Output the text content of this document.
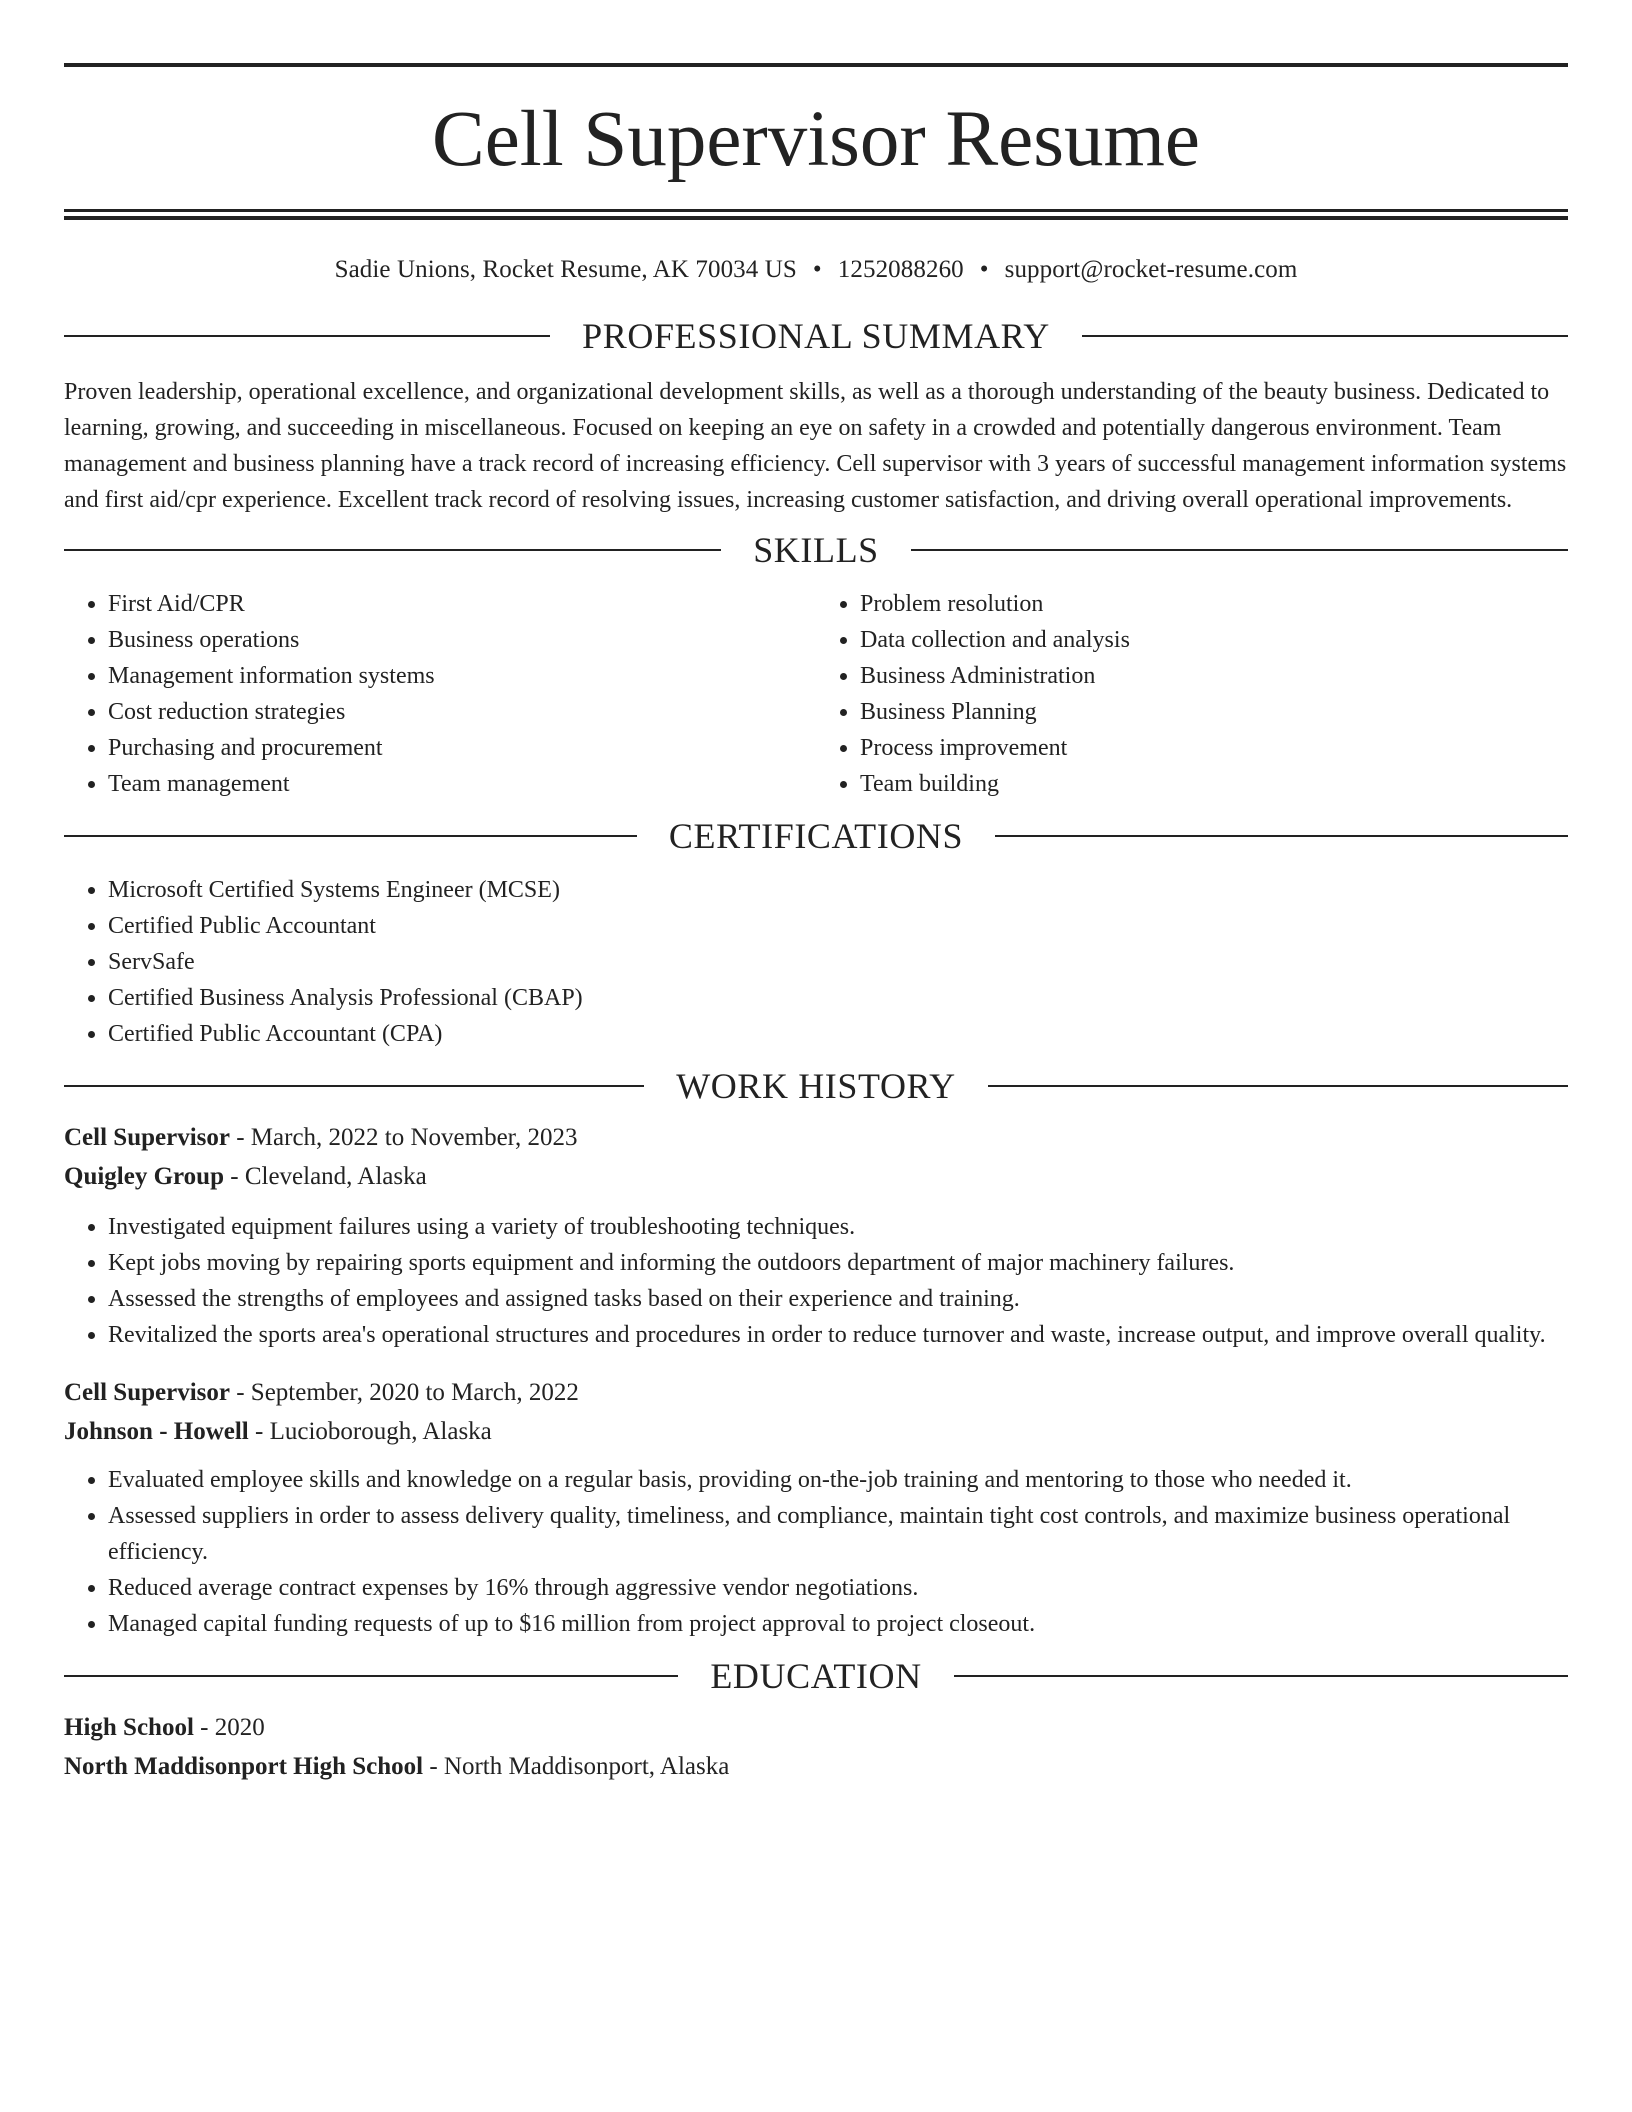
Cell Supervisor Resume
Sadie Unions, Rocket Resume, AK 70034 US • 1252088260 • support@rocket-resume.com
PROFESSIONAL SUMMARY

Proven leadership, operational excellence, and organizational development skills, as well as a thorough understanding of the beauty business. Dedicated to learning, growing, and succeeding in miscellaneous. Focused on keeping an eye on safety in a crowded and potentially dangerous environment. Team management and business planning have a track record of increasing efficiency. Cell supervisor with 3 years of successful management information systems and first aid/cpr experience. Excellent track record of resolving issues, increasing customer satisfaction, and driving overall operational improvements.

SKILLS
• First Aid/CPR
• Business operations
• Management information systems
• Cost reduction strategies
• Purchasing and procurement
• Team management
• Problem resolution
• Data collection and analysis
• Business Administration
• Business Planning
• Process improvement
• Team building
CERTIFICATIONS
• Microsoft Certified Systems Engineer (MCSE)
• Certified Public Accountant
• ServSafe
• Certified Business Analysis Professional (CBAP)
• Certified Public Accountant (CPA)
WORK HISTORY
Cell Supervisor - March, 2022 to November, 2023
Quigley Group - Cleveland, Alaska
• Investigated equipment failures using a variety of troubleshooting techniques.
• Kept jobs moving by repairing sports equipment and informing the outdoors department of major machinery failures.
• Assessed the strengths of employees and assigned tasks based on their experience and training.
• Revitalized the sports area's operational structures and procedures in order to reduce turnover and waste, increase output, and improve overall quality.
Cell Supervisor - September, 2020 to March, 2022
Johnson - Howell - Lucioborough, Alaska
• Evaluated employee skills and knowledge on a regular basis, providing on-the-job training and mentoring to those who needed it.
• Assessed suppliers in order to assess delivery quality, timeliness, and compliance, maintain tight cost controls, and maximize business operational efficiency.
• Reduced average contract expenses by 16% through aggressive vendor negotiations.
• Managed capital funding requests of up to $16 million from project approval to project closeout.
EDUCATION
High School - 2020
North Maddisonport High School - North Maddisonport, Alaska
